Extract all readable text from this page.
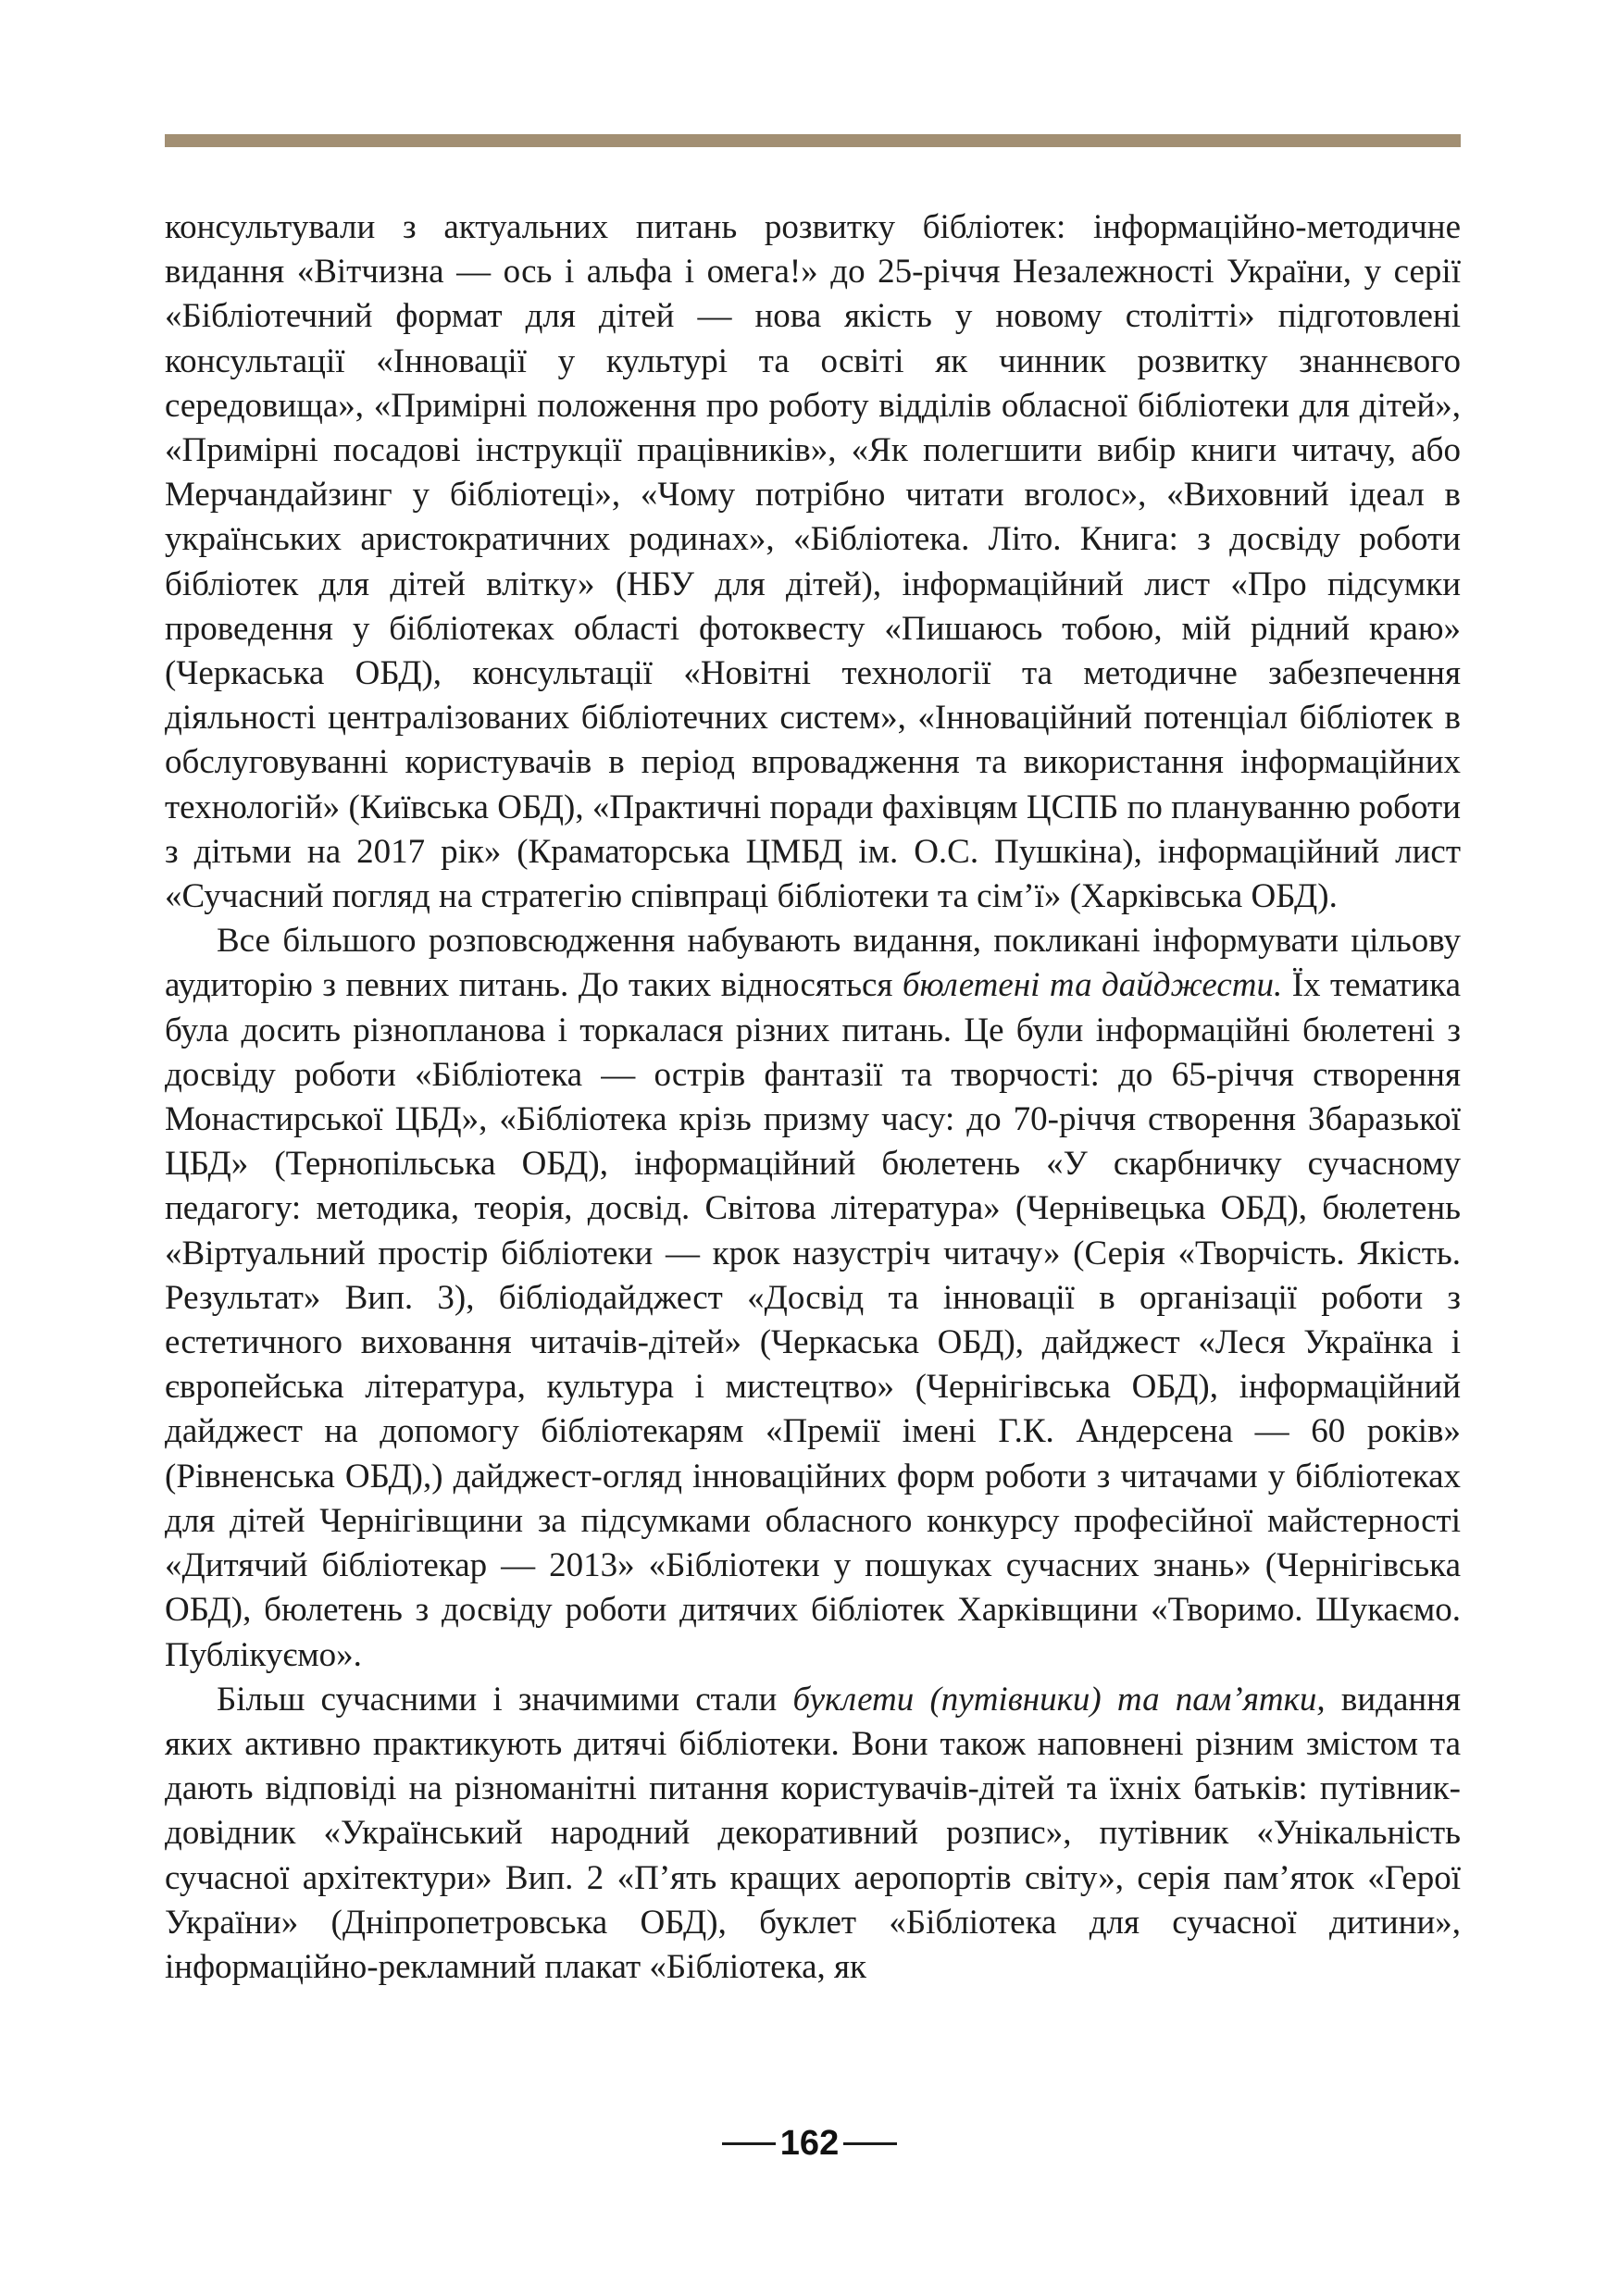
консультували з актуальних питань розвитку бібліотек: інформаційно-методичне видання «Вітчизна — ось і альфа і омега!» до 25-річчя Незалежності України, у серії «Бібліотечний формат для дітей — нова якість у новому столітті» підготовлені консультації «Інновації у культурі та освіті як чинник розвитку знаннєвого середовища», «Примірні положення про роботу відділів обласної бібліотеки для дітей», «Примірні посадові інструкції працівників», «Як полегшити вибір книги читачу, або Мерчандайзинг у бібліотеці», «Чому потрібно читати вголос», «Виховний ідеал в українських аристократичних родинах», «Бібліотека. Літо. Книга: з досвіду роботи бібліотек для дітей влітку» (НБУ для дітей), інформаційний лист «Про підсумки проведення у бібліотеках області фотоквесту «Пишаюсь тобою, мій рідний краю» (Черкаська ОБД), консультації «Новітні технології та методичне забезпечення діяльності централізованих бібліотечних систем», «Інноваційний потенціал бібліотек в обслуговуванні користувачів в період впровадження та використання інформаційних технологій» (Київська ОБД), «Практичні поради фахівцям ЦСПБ по плануванню роботи з дітьми на 2017 рік» (Краматорська ЦМБД ім. О.С. Пушкіна), інформаційний лист «Сучасний погляд на стратегію співпраці бібліотеки та сім’ї» (Харківська ОБД).

Все більшого розповсюдження набувають видання, покликані інформувати цільову аудиторію з певних питань. До таких відносяться бюлетені та дайджести. Їх тематика була досить різнопланова і торкалася різних питань. Це були інформаційні бюлетені з досвіду роботи «Бібліотека — острів фантазії та творчості: до 65-річчя створення Монастирської ЦБД», «Бібліотека крізь призму часу: до 70-річчя створення Збаразької ЦБД» (Тернопільська ОБД), інформаційний бюлетень «У скарбничку сучасному педагогу: методика, теорія, досвід. Світова література» (Чернівецька ОБД), бюлетень «Віртуальний простір бібліотеки — крок назустріч читачу» (Серія «Творчість. Якість. Результат» Вип. 3), бібліодайджест «Досвід та інновації в організації роботи з естетичного виховання читачів-дітей» (Черкаська ОБД), дайджест «Леся Українка і європейська література, культура і мистецтво» (Чернігівська ОБД), інформаційний дайджест на допомогу бібліотекарям «Премії імені Г.К. Андерсена — 60 років» (Рівненська ОБД),) дайджест-огляд інноваційних форм роботи з читачами у бібліотеках для дітей Чернігівщини за підсумками обласного конкурсу професійної майстерності «Дитячий бібліотекар — 2013» «Бібліотеки у пошуках сучасних знань» (Чернігівська ОБД), бюлетень з досвіду роботи дитячих бібліотек Харківщини «Творимо. Шукаємо. Публікуємо».

Більш сучасними і значимими стали буклети (путівники) та пам’ятки, видання яких активно практикують дитячі бібліотеки. Вони також наповнені різним змістом та дають відповіді на різноманітні питання користувачів-дітей та їхніх батьків: путівник-довідник «Український народний декоративний розпис», путівник «Унікальність сучасної архітектури» Вип. 2 «П’ять кращих аеропортів світу», серія пам’яток «Герої України» (Дніпропетровська ОБД), буклет «Бібліотека для сучасної дитини», інформаційно-рекламний плакат «Бібліотека, як

162
